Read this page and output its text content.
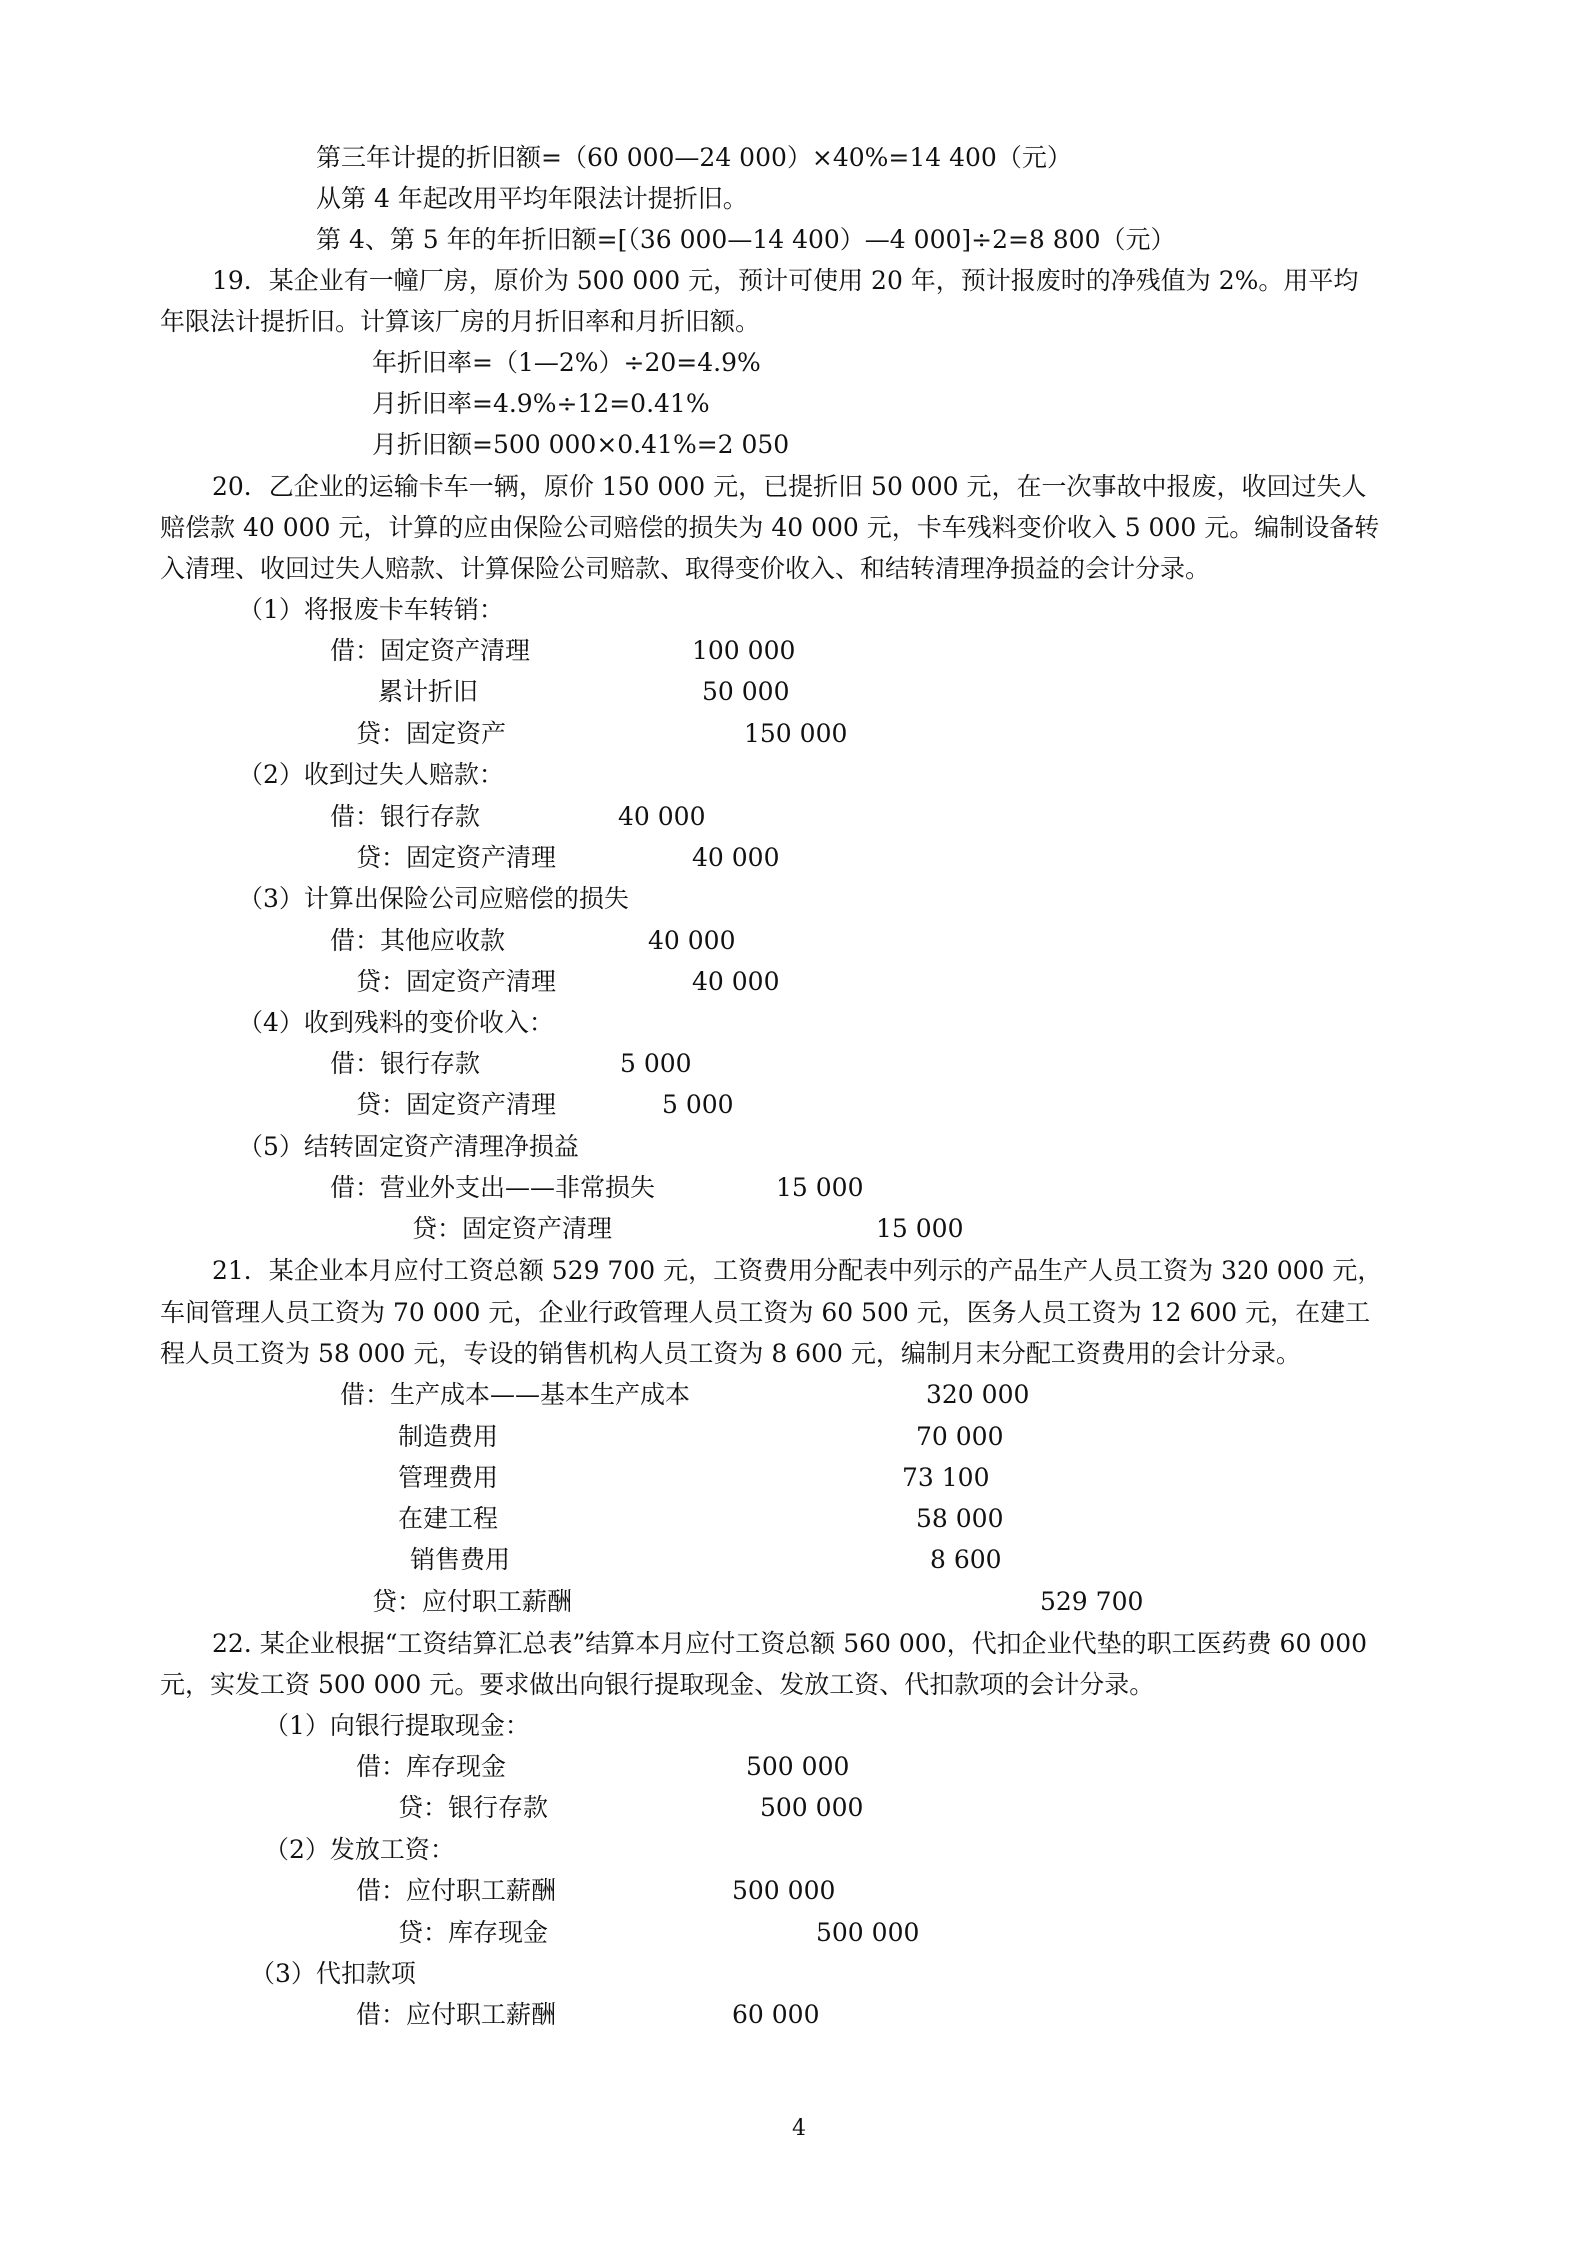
第三年计提的折旧额=（60 000—24 000）×40%=14 400（元）
从第 4 年起改用平均年限法计提折旧。
第 4、第 5 年的年折旧额=[（36 000—14 400）—4 000]÷2=8 800（元）
19．某企业有一幢厂房，原价为 500 000 元，预计可使用 20 年，预计报废时的净残值为 2%。用平均
年限法计提折旧。计算该厂房的月折旧率和月折旧额。
年折旧率=（1—2%）÷20=4.9%
月折旧率=4.9%÷12=0.41%
月折旧额=500 000×0.41%=2 050
20．乙企业的运输卡车一辆，原价 150 000 元，已提折旧 50 000 元，在一次事故中报废，收回过失人
赔偿款 40 000 元，计算的应由保险公司赔偿的损失为 40 000 元，卡车残料变价收入 5 000 元。编制设备转
入清理、收回过失人赔款、计算保险公司赔款、取得变价收入、和结转清理净损益的会计分录。
（1）将报废卡车转销：
借：固定资产清理	100 000
累计折旧	50 000
贷：固定资产	150 000
（2）收到过失人赔款：
借：银行存款	40 000
贷：固定资产清理	40 000
（3）计算出保险公司应赔偿的损失
借：其他应收款	40 000
贷：固定资产清理	40 000
（4）收到残料的变价收入：
借：银行存款	5 000
贷：固定资产清理	5 000
（5）结转固定资产清理净损益
借：营业外支出——非常损失	15 000
贷：固定资产清理	15 000
21．某企业本月应付工资总额 529 700 元，工资费用分配表中列示的产品生产人员工资为 320 000 元，
车间管理人员工资为 70 000 元，企业行政管理人员工资为 60 500 元，医务人员工资为 12 600 元，在建工
程人员工资为 58 000 元，专设的销售机构人员工资为 8 600 元，编制月末分配工资费用的会计分录。
借：生产成本——基本生产成本	320 000
制造费用	70 000
管理费用	73 100
在建工程	58 000
销售费用	8 600
贷：应付职工薪酬	529 700
22. 某企业根据“工资结算汇总表”结算本月应付工资总额 560 000，代扣企业代垫的职工医药费 60 000
元，实发工资 500 000 元。要求做出向银行提取现金、发放工资、代扣款项的会计分录。
（1）向银行提取现金：
借：库存现金	500 000
贷：银行存款	500 000
（2）发放工资：
借：应付职工薪酬	500 000
贷：库存现金	500 000
（3）代扣款项
借：应付职工薪酬	60 000
4
